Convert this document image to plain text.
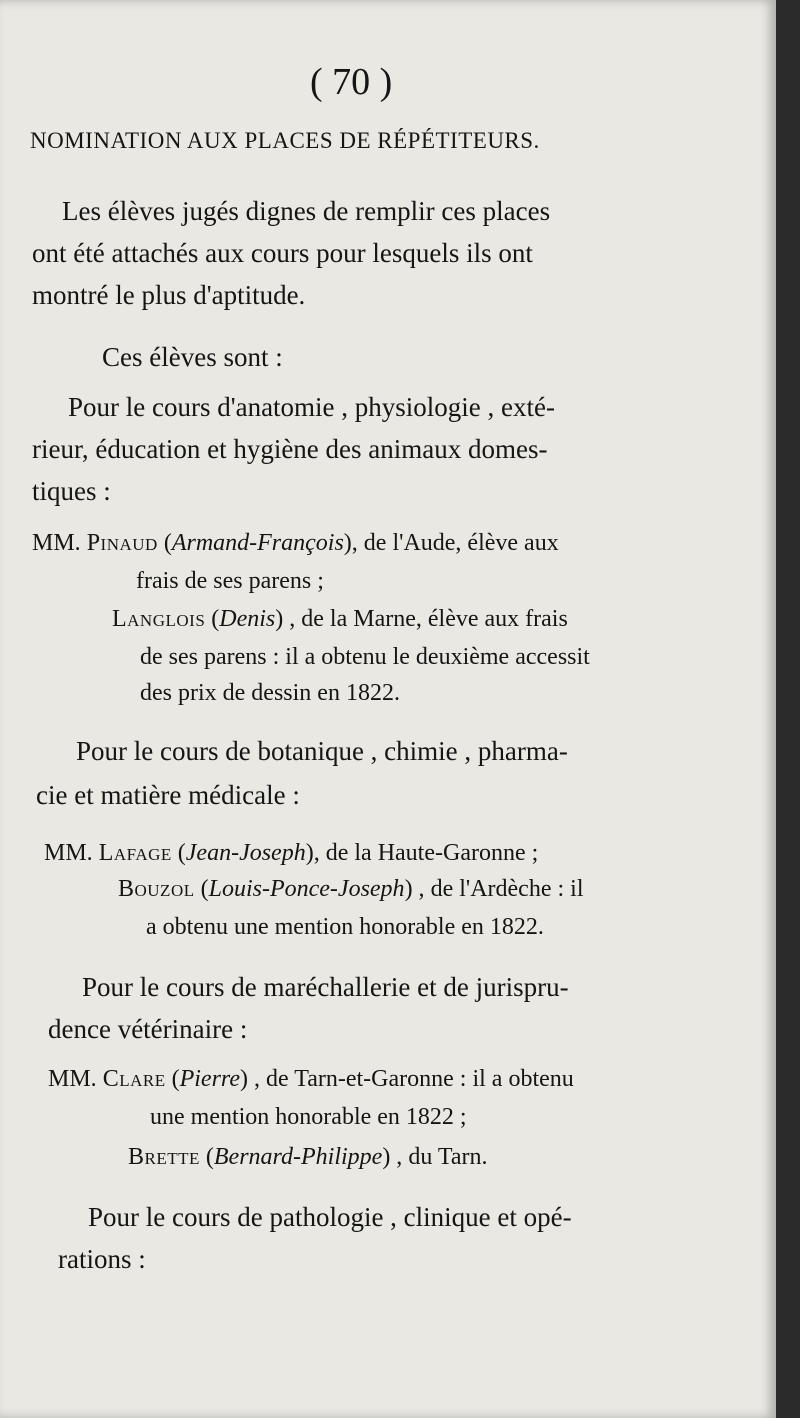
( 70 )
NOMINATION AUX PLACES DE RÉPÉTITEURS.
Les élèves jugés dignes de remplir ces places
ont été attachés aux cours pour lesquels ils ont
montré le plus d'aptitude.
Ces élèves sont :
Pour le cours d'anatomie , physiologie , exté-
rieur, éducation et hygiène des animaux domes-
tiques :
MM. Pinaud (Armand-François), de l'Aude, élève aux
frais de ses parens ;
Langlois (Denis) , de la Marne, élève aux frais
de ses parens : il a obtenu le deuxième accessit
des prix de dessin en 1822.
Pour le cours de botanique , chimie , pharma-
cie et matière médicale :
MM. Lafage (Jean-Joseph), de la Haute-Garonne ;
Bouzol (Louis-Ponce-Joseph) , de l'Ardèche : il
a obtenu une mention honorable en 1822.
Pour le cours de maréchallerie et de jurispru-
dence vétérinaire :
MM. Clare (Pierre) , de Tarn-et-Garonne : il a obtenu
une mention honorable en 1822 ;
Brette (Bernard-Philippe) , du Tarn.
Pour le cours de pathologie , clinique et opé-
rations :
